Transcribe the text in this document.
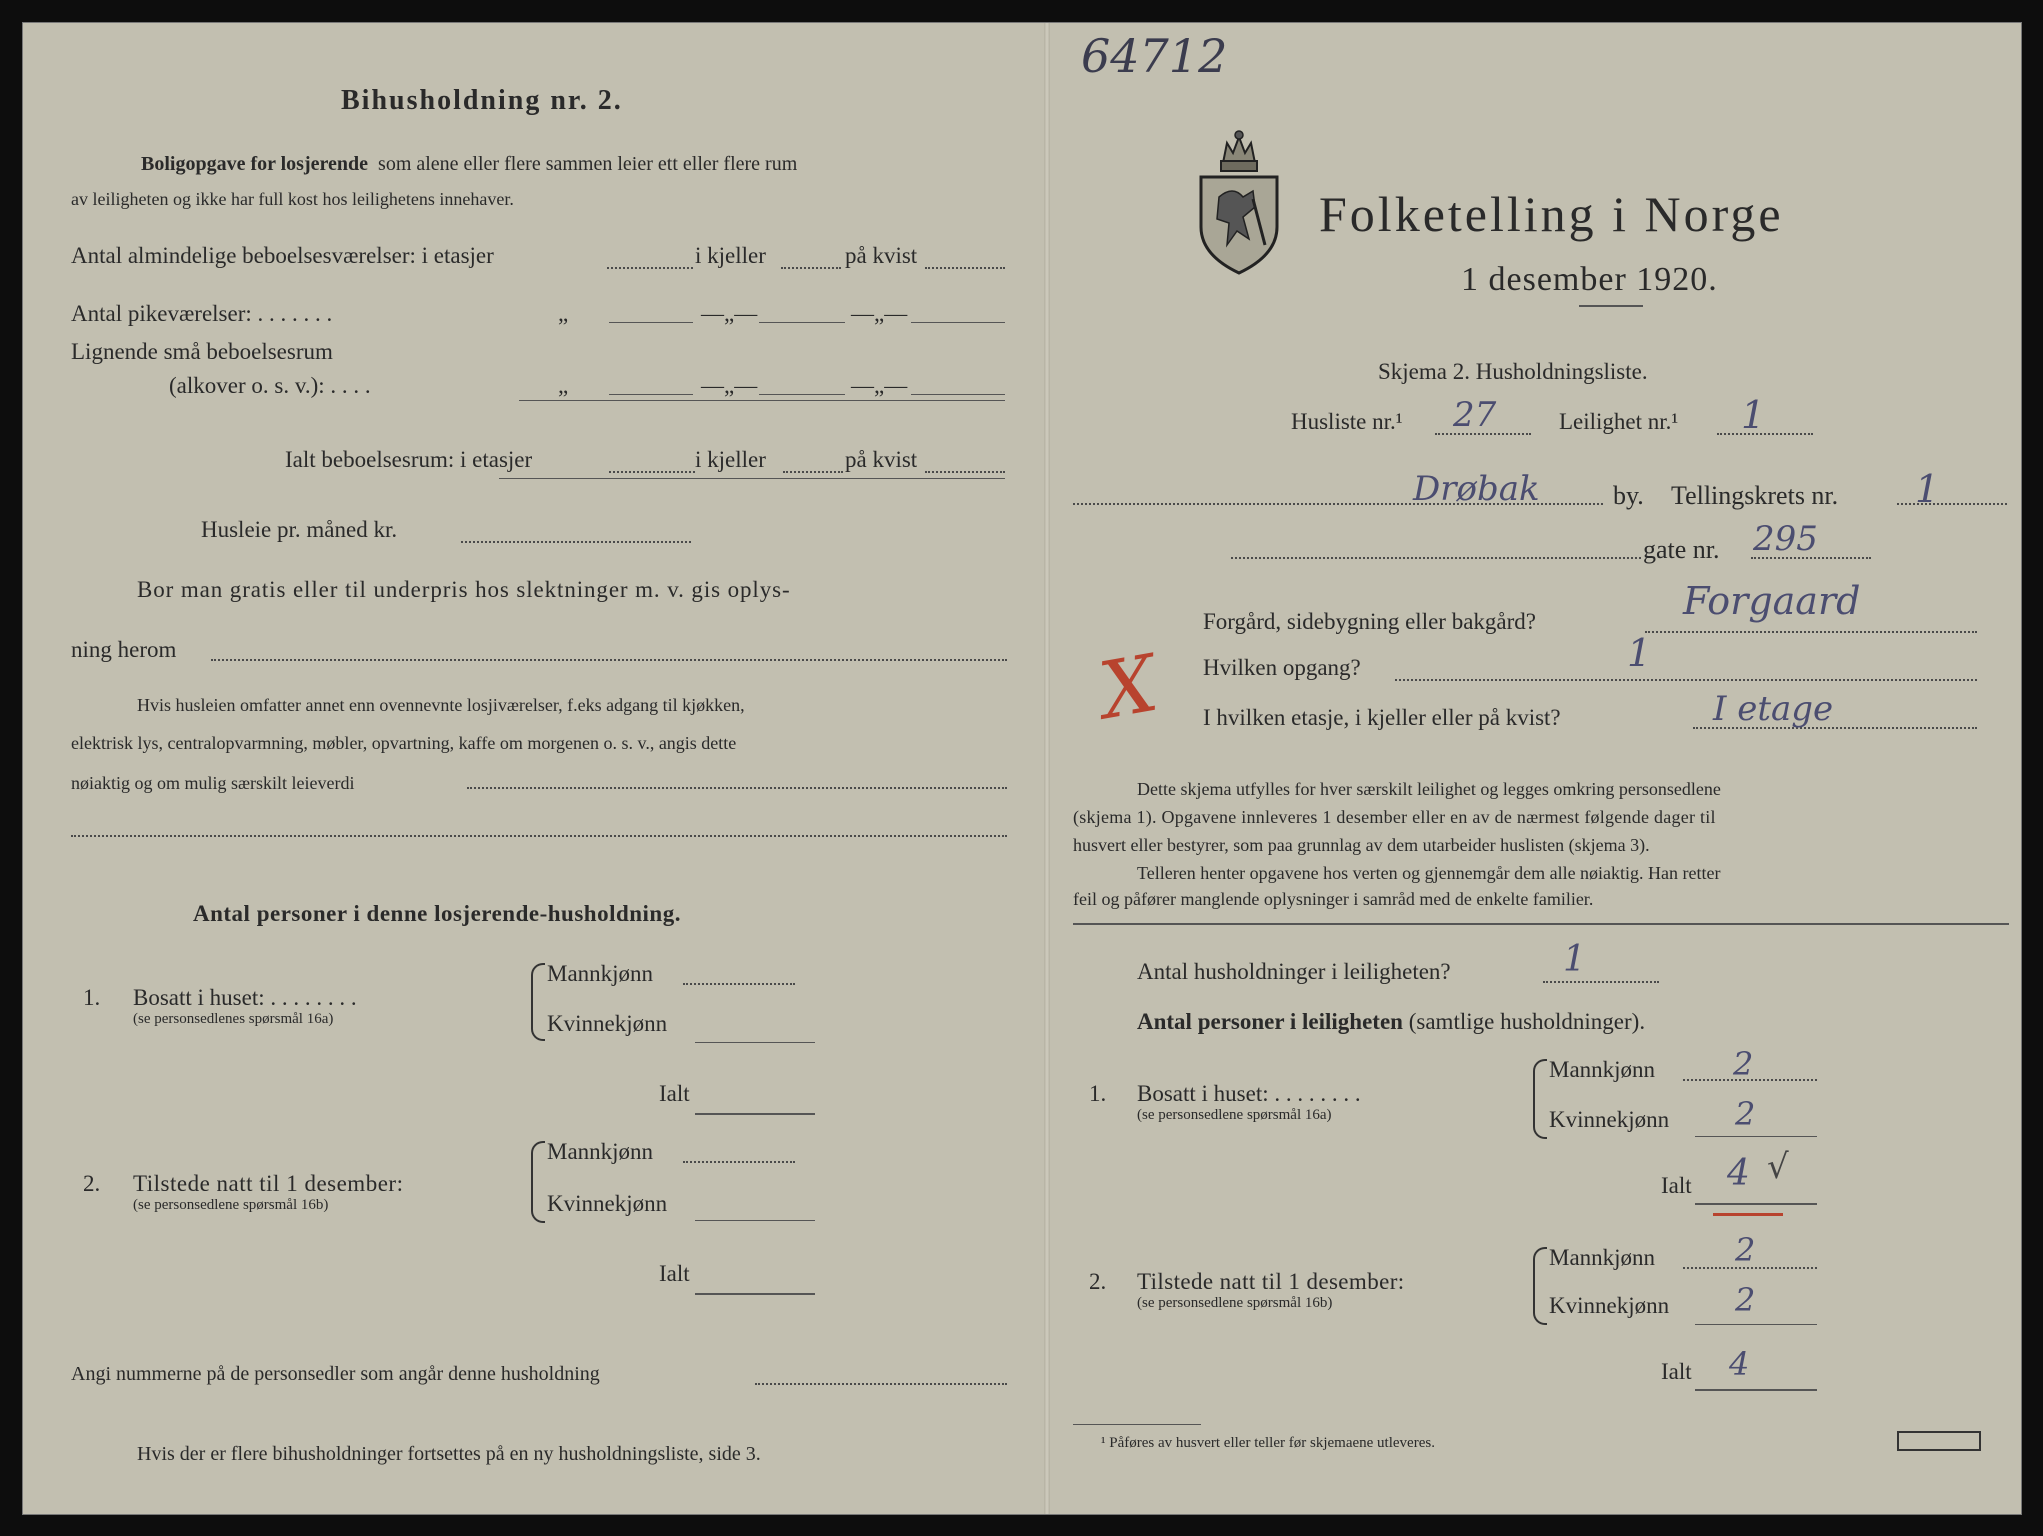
Bihusholdning nr. 2.
Boligopgave for losjerende som alene eller flere sammen leier ett eller flere rum
av leiligheten og ikke har full kost hos leilighetens innehaver.
Antal almindelige beboelsesværelser: i etasjer	i kjeller	på kvist
Antal pikeværelser: . . . . . . .	„	—„—	—„—
Lignende små beboelsesrum
(alkover o. s. v.): . . . .	„	—„—	—„—
Ialt beboelsesrum: i etasjer	i kjeller	på kvist
Husleie pr. måned kr.
Bor man gratis eller til underpris hos slektninger m. v. gis oplys-
ning herom
Hvis husleien omfatter annet enn ovennevnte losjiværelser, f.eks adgang til kjøkken,
elektrisk lys, centralopvarmning, møbler, opvartning, kaffe om morgenen o. s. v., angis dette
nøiaktig og om mulig særskilt leieverdi
Antal personer i denne losjerende-husholdning.
1. Bosatt i huset: . . . . . . . .
(se personsedlenes spørsmål 16a)
Mannkjønn
Kvinnekjønn
Ialt
2. Tilstede natt til 1 desember:
(se personsedlene spørsmål 16b)
Mannkjønn
Kvinnekjønn
Ialt
Angi nummerne på de personsedler som angår denne husholdning
Hvis der er flere bihusholdninger fortsettes på en ny husholdningsliste, side 3.
64712
Folketelling i Norge
1 desember 1920.
Skjema 2. Husholdningsliste.
Husliste nr.¹ 27	Leilighet nr.¹ 1
Drøbak	by. Tellingskrets nr. 1
gate nr. 295
Forgård, sidebygning eller bakgård?	Forgaard
Hvilken opgang?	1
X I hvilken etasje, i kjeller eller på kvist?	I etage
Dette skjema utfylles for hver særskilt leilighet og legges omkring personsedlene
(skjema 1). Opgavene innleveres 1 desember eller en av de nærmest følgende dager til
husvert eller bestyrer, som paa grunnlag av dem utarbeider huslisten (skjema 3).
Telleren henter opgavene hos verten og gjennemgår dem alle nøiaktig. Han retter
feil og påfører manglende oplysninger i samråd med de enkelte familier.
Antal husholdninger i leiligheten?	1
Antal personer i leiligheten (samtlige husholdninger).
1. Bosatt i huset: . . . . . . . .
(se personsedlene spørsmål 16a)
Mannkjønn 2
Kvinnekjønn 2
Ialt 4 √
2. Tilstede natt til 1 desember:
(se personsedlene spørsmål 16b)
Mannkjønn 2
Kvinnekjønn 2
Ialt 4
¹ Påføres av husvert eller teller før skjemaene utleveres.
